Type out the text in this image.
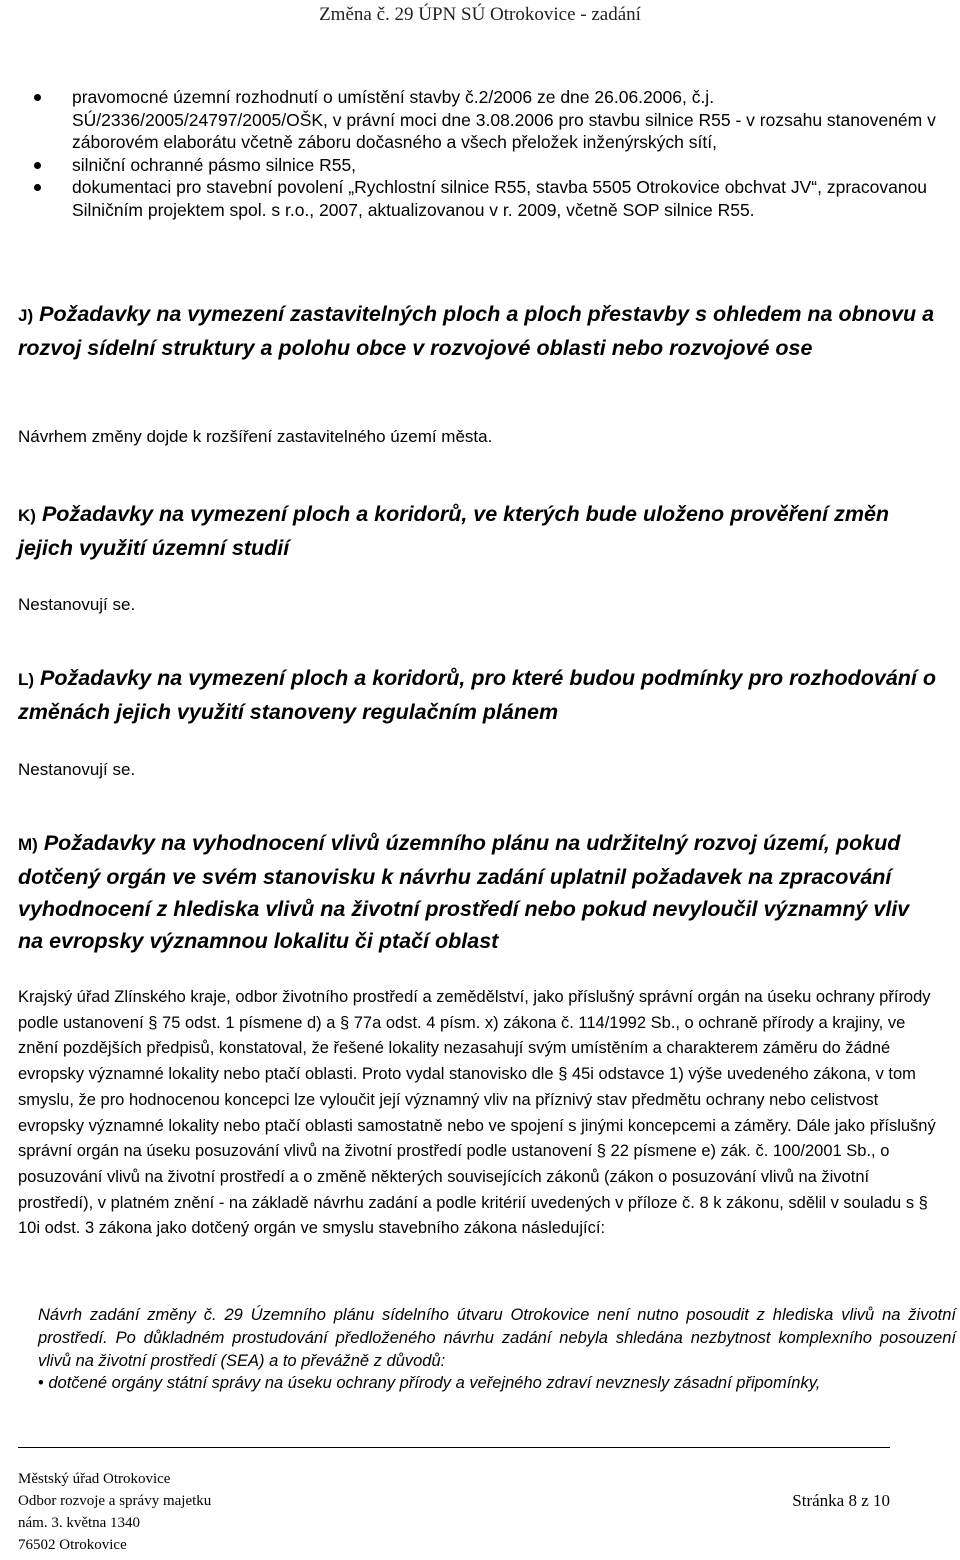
Změna č. 29 ÚPN SÚ Otrokovice - zadání
pravomocné územní rozhodnutí o umístění stavby č.2/2006 ze dne 26.06.2006, č.j. SÚ/2336/2005/24797/2005/OŠK, v právní moci dne 3.08.2006 pro stavbu silnice R55 - v rozsahu stanoveném v záborovém elaborátu včetně záboru dočasného a všech přeložek inženýrských sítí,
silniční ochranné pásmo silnice R55,
dokumentaci pro stavební povolení „Rychlostní silnice R55, stavba 5505 Otrokovice obchvat JV“, zpracovanou Silničním projektem spol. s r.o., 2007, aktualizovanou v r. 2009, včetně SOP silnice R55.

J) Požadavky na vymezení zastavitelných ploch a ploch přestavby s ohledem na obnovu a rozvoj sídelní struktury a polohu obce v rozvojové oblasti nebo rozvojové ose

Návrhem změny dojde k rozšíření zastavitelného území města.

K) Požadavky na vymezení ploch a koridorů, ve kterých bude uloženo prověření změn jejich využití územní studií

Nestanovují se.

L) Požadavky na vymezení ploch a koridorů, pro které budou podmínky pro rozhodování o změnách jejich využití stanoveny regulačním plánem

Nestanovují se.

M) Požadavky na vyhodnocení vlivů územního plánu na udržitelný rozvoj území, pokud dotčený orgán ve svém stanovisku k návrhu zadání uplatnil požadavek na zpracování vyhodnocení z hlediska vlivů na životní prostředí nebo pokud nevyloučil významný vliv na evropsky významnou lokalitu či ptačí oblast

Krajský úřad Zlínského kraje, odbor životního prostředí a zemědělství, jako příslušný správní orgán na úseku ochrany přírody podle ustanovení § 75 odst. 1 písmene d) a § 77a odst. 4 písm. x) zákona č. 114/1992 Sb., o ochraně přírody a krajiny, ve znění pozdějších předpisů, konstatoval, že řešené lokality nezasahují svým umístěním a charakterem záměru do žádné evropsky významné lokality nebo ptačí oblasti. Proto vydal stanovisko dle § 45i odstavce 1) výše uvedeného zákona, v tom smyslu, že pro hodnocenou koncepci lze vyloučit její významný vliv na příznivý stav předmětu ochrany nebo celistvost evropsky významné lokality nebo ptačí oblasti samostatně nebo ve spojení s jinými koncepcemi a záměry. Dále jako příslušný správní orgán na úseku posuzování vlivů na životní prostředí podle ustanovení § 22 písmene e) zák. č. 100/2001 Sb., o posuzování vlivů na životní prostředí a o změně některých souvisejících zákonů (zákon o posuzování vlivů na životní prostředí), v platném znění - na základě návrhu zadání a podle kritérií uvedených v příloze č. 8 k zákonu, sdělil v souladu s § 10i odst. 3 zákona jako dotčený orgán ve smyslu stavebního zákona následující:

Návrh zadání změny č. 29 Územního plánu sídelního útvaru Otrokovice není nutno posoudit z hlediska vlivů na životní prostředí. Po důkladném prostudování předloženého návrhu zadání nebyla shledána nezbytnost komplexního posouzení vlivů na životní prostředí (SEA) a to převážně z důvodů:
• dotčené orgány státní správy na úseku ochrany přírody a veřejného zdraví nevznesly zásadní připomínky,
Městský úřad Otrokovice
Odbor rozvoje a správy majetku
nám. 3. května 1340
76502 Otrokovice
Stránka 8 z 10
